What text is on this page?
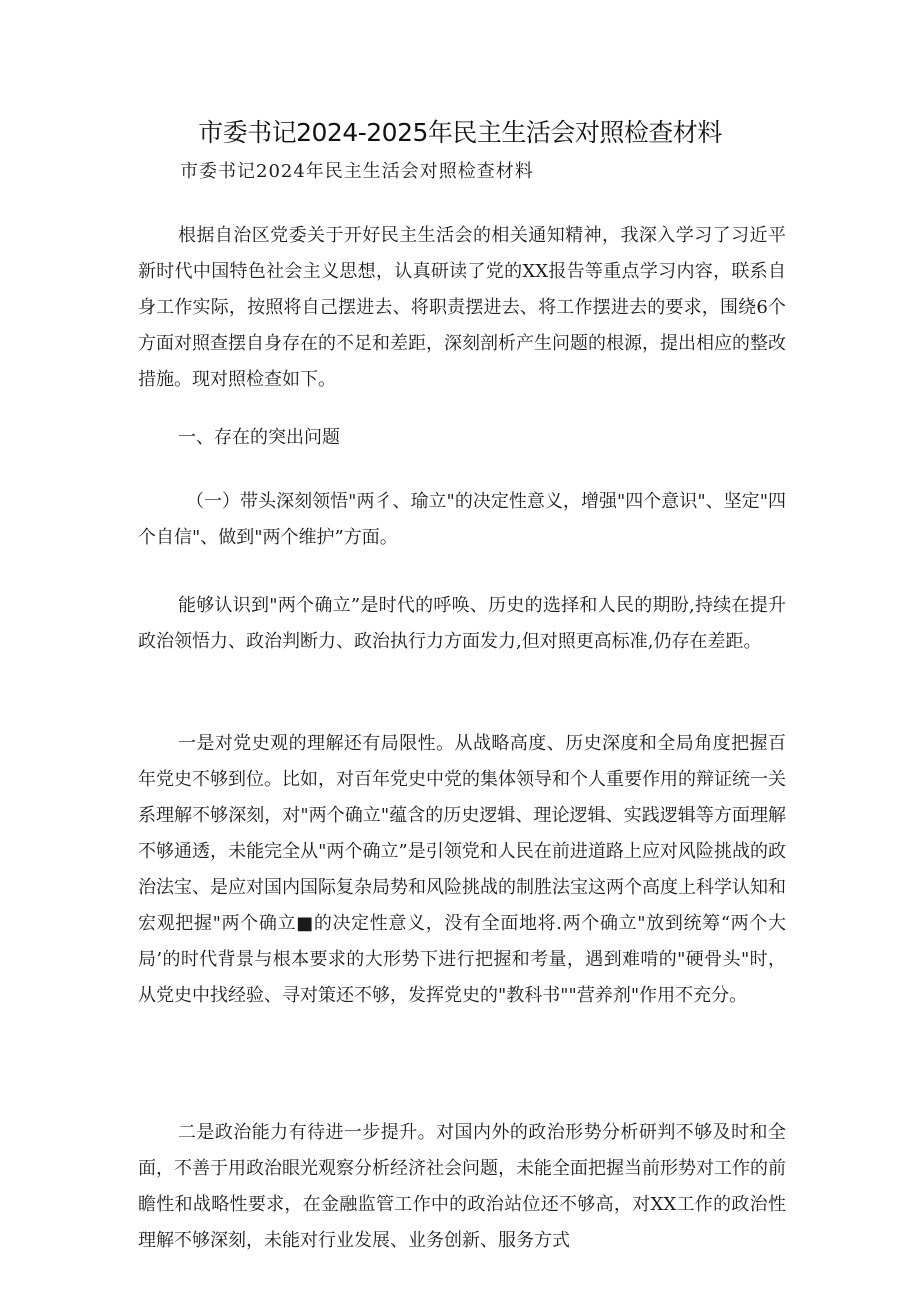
市委书记2024-2025年民主生活会对照检查材料
市委书记2024年民主生活会对照检查材料
根据自治区党委关于开好民主生活会的相关通知精神，我深入学习了习近平新时代中国特色社会主义思想，认真研读了党的XX报告等重点学习内容，联系自身工作实际，按照将自己摆进去、将职责摆进去、将工作摆进去的要求，围绕6个方面对照查摆自身存在的不足和差距，深刻剖析产生问题的根源，提出相应的整改措施。现对照检查如下。
一、存在的突出问题
（一）带头深刻领悟"两彳、瑜立"的决定性意义，增强"四个意识"、坚定"四个自信"、做到"两个维护”方面。
能够认识到"两个确立”是时代的呼唤、历史的选择和人民的期盼,持续在提升政治领悟力、政治判断力、政治执行力方面发力,但对照更高标准,仍存在差距。
一是对党史观的理解还有局限性。从战略高度、历史深度和全局角度把握百年党史不够到位。比如，对百年党史中党的集体领导和个人重要作用的辩证统一关系理解不够深刻，对"两个确立"蕴含的历史逻辑、理论逻辑、实践逻辑等方面理解不够通透，未能完全从"两个确立”是引领党和人民在前进道路上应对风险挑战的政治法宝、是应对国内国际复杂局势和风险挑战的制胜法宝这两个高度上科学认知和宏观把握"两个确立■的决定性意义，没有全面地将.两个确立"放到统筹“两个大局’的时代背景与根本要求的大形势下进行把握和考量，遇到难啃的"硬骨头"时，从党史中找经验、寻对策还不够，发挥党史的"教科书""营养剂"作用不充分。
二是政治能力有待进一步提升。对国内外的政治形势分析研判不够及时和全面，不善于用政治眼光观察分析经济社会问题，未能全面把握当前形势对工作的前瞻性和战略性要求，在金融监管工作中的政治站位还不够高，对XX工作的政治性理解不够深刻，未能对行业发展、业务创新、服务方式
